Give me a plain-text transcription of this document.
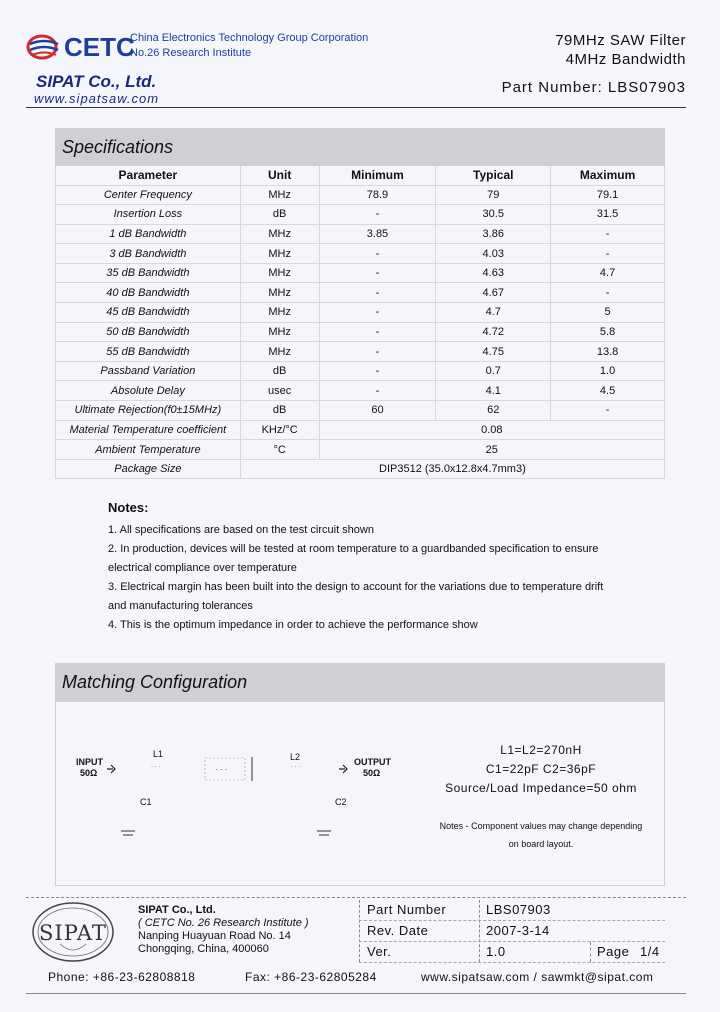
CETC
China Electronics Technology Group Corporation
No.26 Research Institute
SIPAT Co., Ltd.
www.sipatsaw.com
79MHz SAW Filter
4MHz Bandwidth
Part Number: LBS07903
Specifications
Parameter	Unit	Minimum	Typical	Maximum
Center Frequency	MHz	78.9	79	79.1
Insertion Loss	dB	-	30.5	31.5
1 dB Bandwidth	MHz	3.85	3.86	-
3 dB Bandwidth	MHz	-	4.03	-
35 dB Bandwidth	MHz	-	4.63	4.7
40 dB Bandwidth	MHz	-	4.67	-
45 dB Bandwidth	MHz	-	4.7	5
50 dB Bandwidth	MHz	-	4.72	5.8
55 dB Bandwidth	MHz	-	4.75	13.8
Passband Variation	dB	-	0.7	1.0
Absolute Delay	usec	-	4.1	4.5
Ultimate Rejection(f0±15MHz)	dB	60	62	-
Material Temperature coefficient	KHz/°C	0.08		
Ambient Temperature	°C	25		
Package Size	DIP3512 (35.0x12.8x4.7mm3)			
Notes:
1. All specifications are based on the test circuit shown
2. In production, devices will be tested at room temperature to a guardbanded specification to ensure
electrical compliance over temperature
3. Electrical margin has been built into the design to account for the variations due to temperature drift
and manufacturing tolerances
4. This is the optimum impedance in order to achieve the performance show
Matching Configuration
· · ·	· · ·	· · ·
INPUT
50Ω
L1	L2	OUTPUT
50Ω
C1	C2
L1=L2=270nH
C1=22pF C2=36pF
Source/Load Impedance=50 ohm
Notes - Component values may change depending
on board layout.
SIPAT
SIPAT Co., Ltd.
( CETC No. 26 Research Institute )
Nanping Huayuan Road No. 14
Chongqing, China, 400060
Part Number	LBS07903
Rev. Date	2007-3-14
Ver.	1.0	Page 1/4
Phone: +86-23-62808818	Fax: +86-23-62805284	www.sipatsaw.com / sawmkt@sipat.com
